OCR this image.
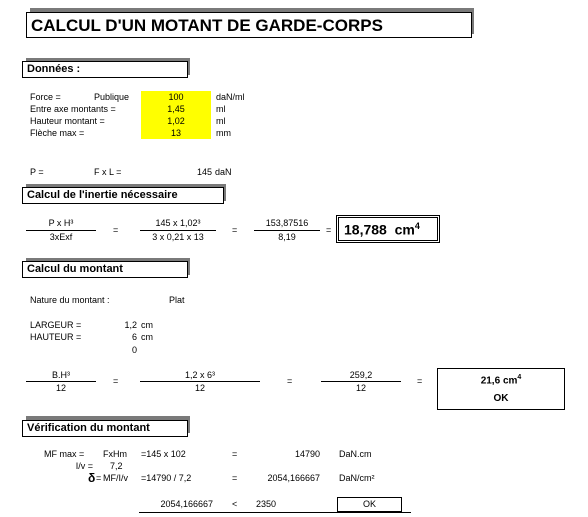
CALCUL D'UN MOTANT DE GARDE-CORPS
Données :
Force =	Publique	100	daN/ml
Entre axe montants =	1,45	ml
Hauteur montant =	1,02	ml
Flèche max =	13	mm
P =	F x L =	145 daN
Calcul de l'inertie nécessaire
P x H³
3xExf
=
145 x 1,02³
3 x 0,21 x 13
=
153,87516
8,19
= 18,788 $cm^4$
Calcul du montant
Nature du montant :	Plat
LARGEUR =	1,2 cm
HAUTEUR =	6 cm
0
B.H³
12
=
1,2 x 6³
12
=
259,2
12
=	21,6 $cm^4$
OK
Vérification du montant
MF max = FxHm =145 x 102	=	14790 DaN.cm
I/v = 7,2
δ = MF/I/v =14790 / 7,2	=	2054,166667 DaN/cm²
2054,166667 < 2350	OK
